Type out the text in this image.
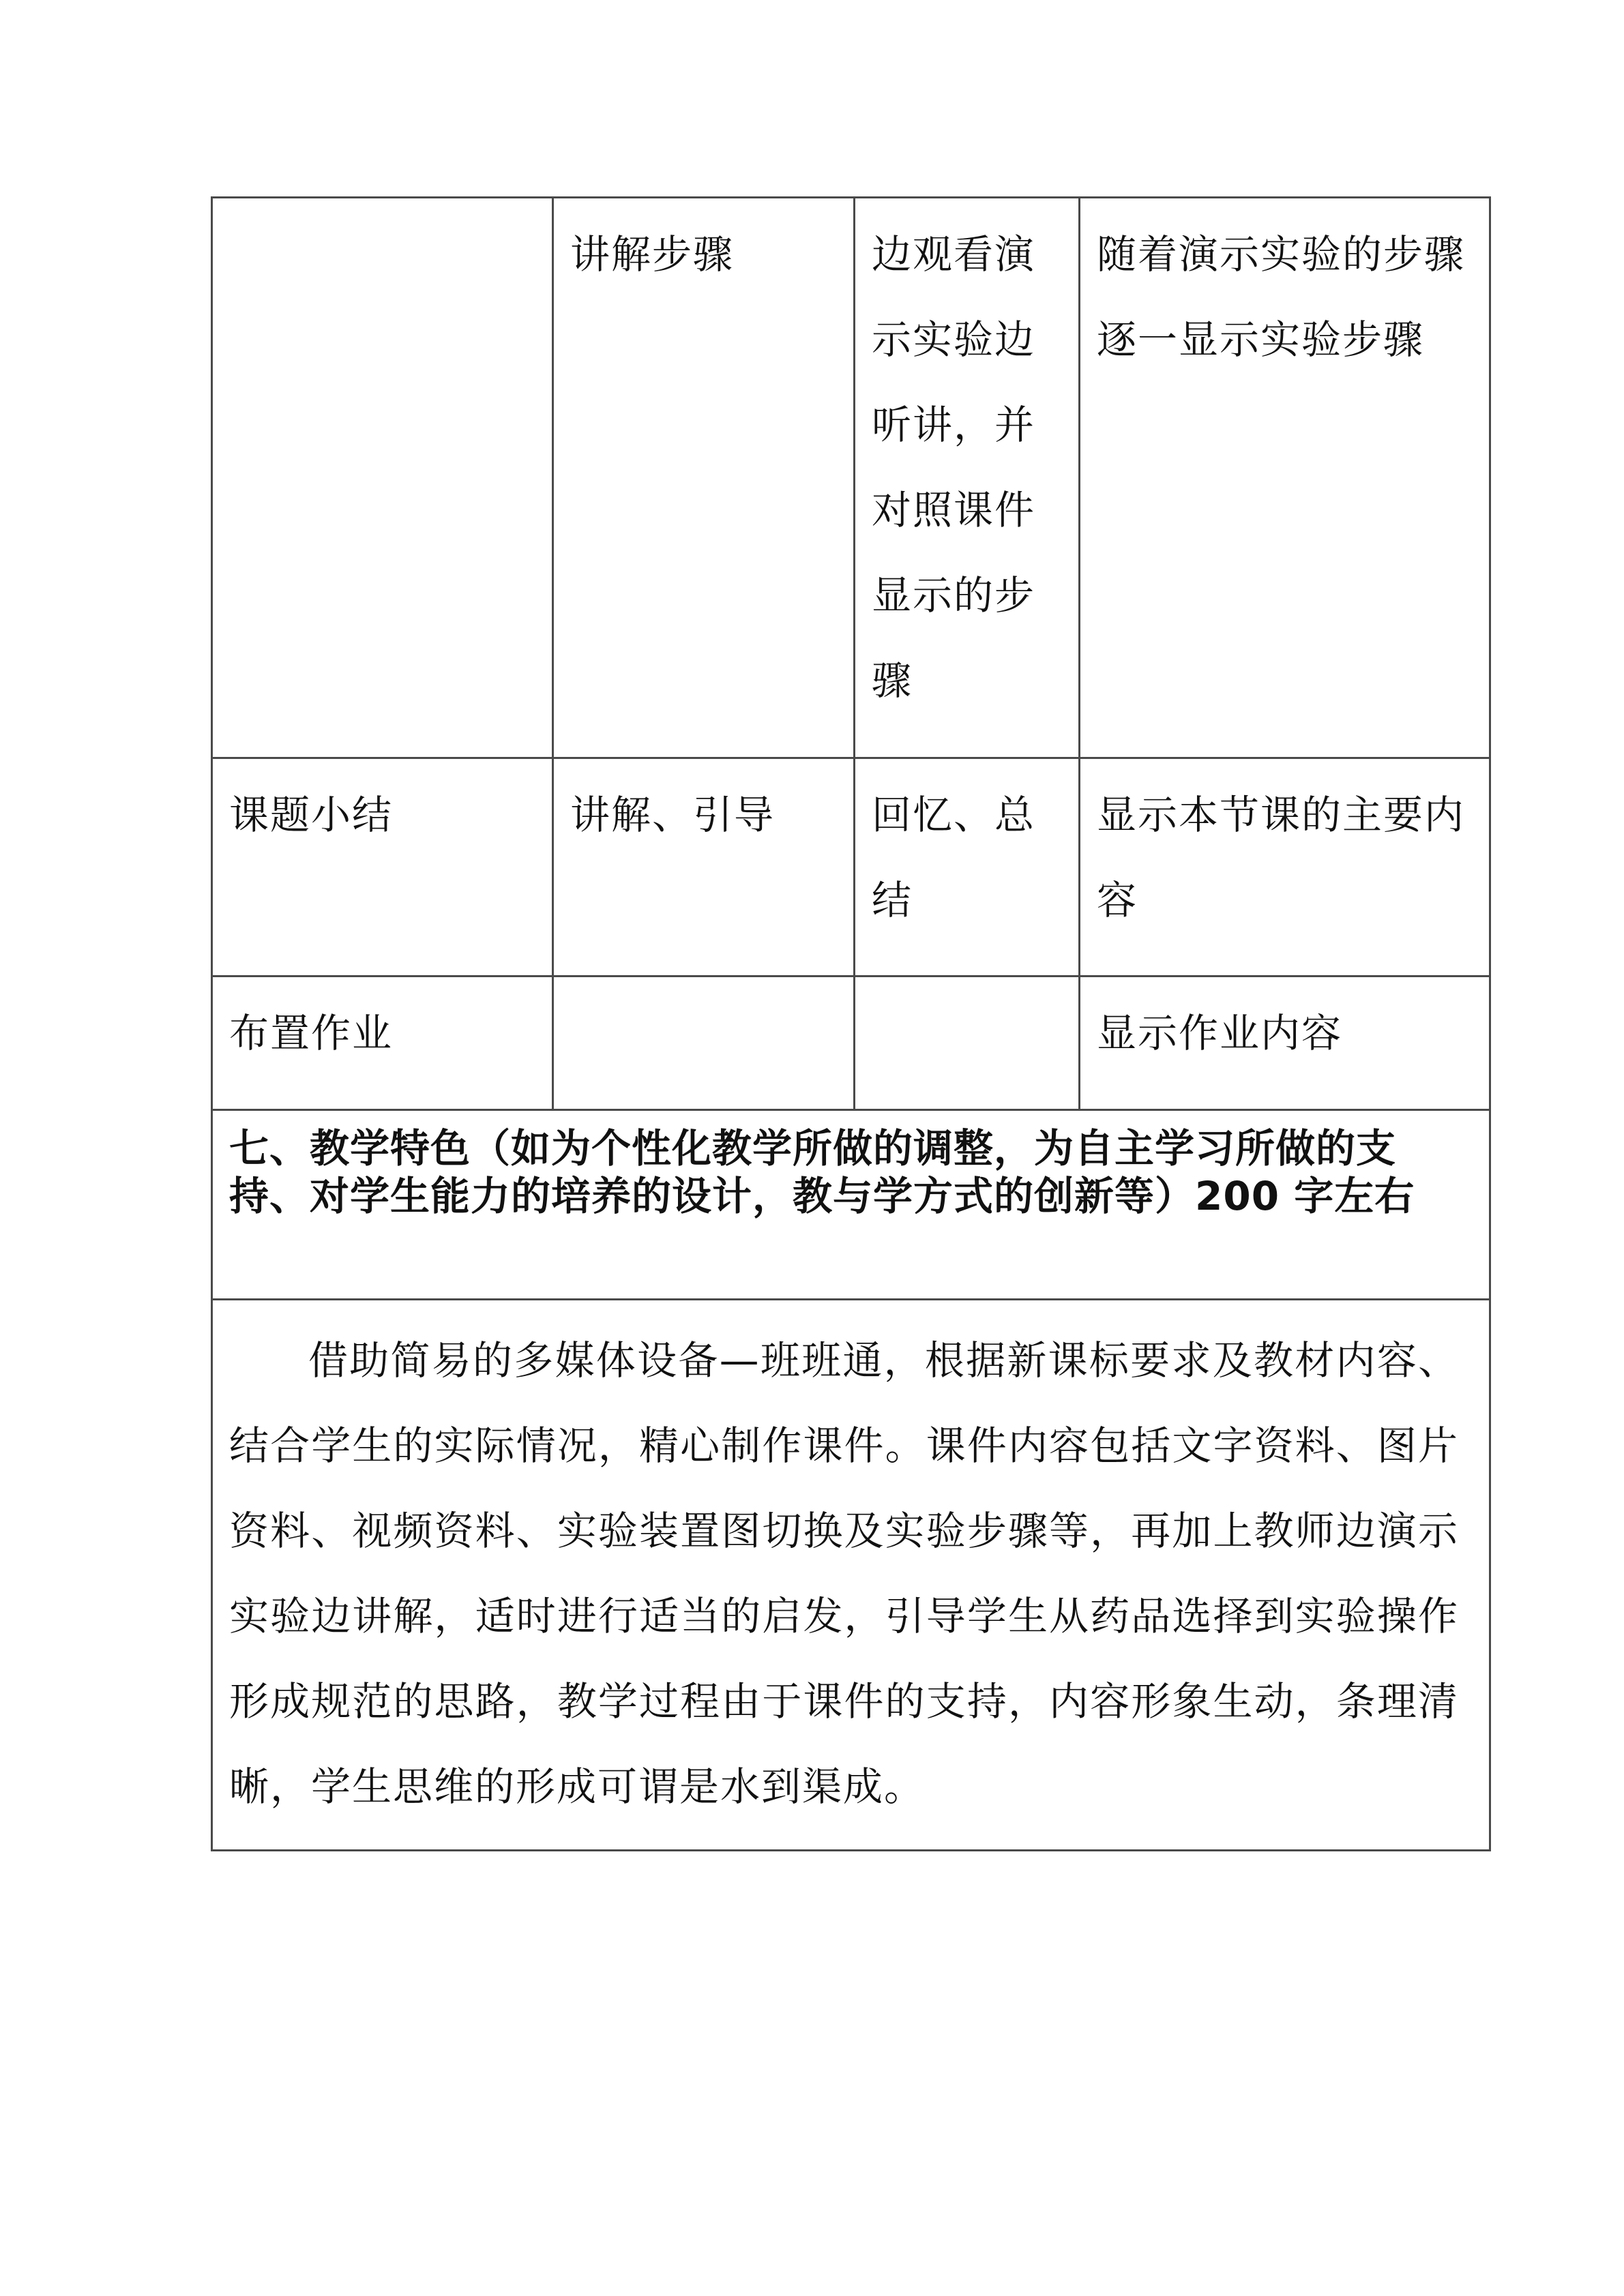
	讲解步骤	边观看演示实验边听讲，并对照课件显示的步骤	随着演示实验的步骤逐一显示实验步骤

课题小结	讲解、引导	回忆、总结	显示本节课的主要内容

布置作业			显示作业内容

七、教学特色（如为个性化教学所做的调整，为自主学习所做的支持、对学生能力的培养的设计，教与学方式的创新等）200 字左右			

借助简易的多媒体设备—班班通，根据新课标要求及教材内容、结合学生的实际情况，精心制作课件。课件内容包括文字资料、图片资料、视频资料、实验装置图切换及实验步骤等，再加上教师边演示实验边讲解，适时进行适当的启发，引导学生从药品选择到实验操作形成规范的思路，教学过程由于课件的支持，内容形象生动，条理清晰，学生思维的形成可谓是水到渠成。			
